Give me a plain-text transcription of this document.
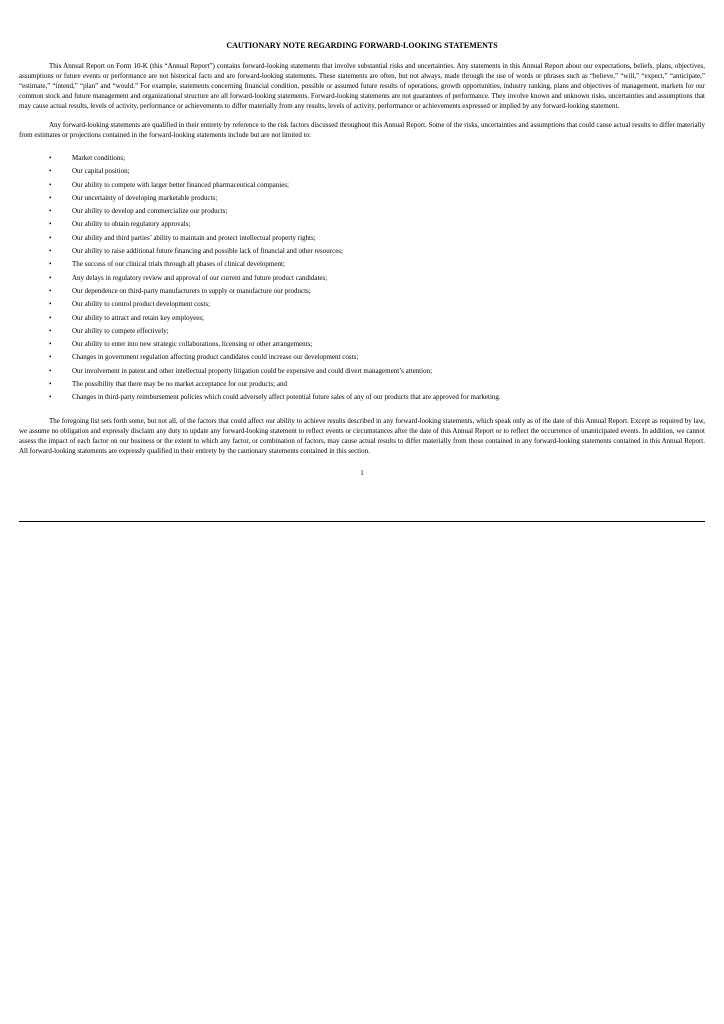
CAUTIONARY NOTE REGARDING FORWARD-LOOKING STATEMENTS

This Annual Report on Form 10-K (this “Annual Report”) contains forward-looking statements that involve substantial risks and uncertainties. Any statements in this Annual Report about our expectations, beliefs, plans, objectives, assumptions or future events or performance are not historical facts and are forward-looking statements. These statements are often, but not always, made through the use of words or phrases such as “believe,” “will,” “expect,” “anticipate,” “estimate,” “intend,” “plan” and “would.” For example, statements concerning financial condition, possible or assumed future results of operations, growth opportunities, industry ranking, plans and objectives of management, markets for our common stock and future management and organizational structure are all forward-looking statements. Forward-looking statements are not guarantees of performance. They involve known and unknown risks, uncertainties and assumptions that may cause actual results, levels of activity, performance or achievements to differ materially from any results, levels of activity, performance or achievements expressed or implied by any forward-looking statement.

Any forward-looking statements are qualified in their entirety by reference to the risk factors discussed throughout this Annual Report. Some of the risks, uncertainties and assumptions that could cause actual results to differ materially from estimates or projections contained in the forward-looking statements include but are not limited to:

•	Market conditions;
•	Our capital position;
•	Our ability to compete with larger better financed pharmaceutical companies;
•	Our uncertainty of developing marketable products;
•	Our ability to develop and commercialize our products;
•	Our ability to obtain regulatory approvals;
•	Our ability and third parties’ ability to maintain and protect intellectual property rights;
•	Our ability to raise additional future financing and possible lack of financial and other resources;
•	The success of our clinical trials through all phases of clinical development;
•	Any delays in regulatory review and approval of our current and future product candidates;
•	Our dependence on third-party manufacturers to supply or manufacture our products;
•	Our ability to control product development costs;
•	Our ability to attract and retain key employees;
•	Our ability to compete effectively;
•	Our ability to enter into new strategic collaborations, licensing or other arrangements;
•	Changes in government regulation affecting product candidates could increase our development costs;
•	Our involvement in patent and other intellectual property litigation could be expensive and could divert management’s attention;
•	The possibility that there may be no market acceptance for our products; and
•	Changes in third-party reimbursement policies which could adversely affect potential future sales of any of our products that are approved for marketing.

The foregoing list sets forth some, but not all, of the factors that could affect our ability to achieve results described in any forward-looking statements, which speak only as of the date of this Annual Report. Except as required by law, we assume no obligation and expressly disclaim any duty to update any forward-looking statement to reflect events or circumstances after the date of this Annual Report or to reflect the occurrence of unanticipated events. In addition, we cannot assess the impact of each factor on our business or the extent to which any factor, or combination of factors, may cause actual results to differ materially from those contained in any forward-looking statements contained in this Annual Report. All forward-looking statements are expressly qualified in their entirety by the cautionary statements contained in this section.

1
